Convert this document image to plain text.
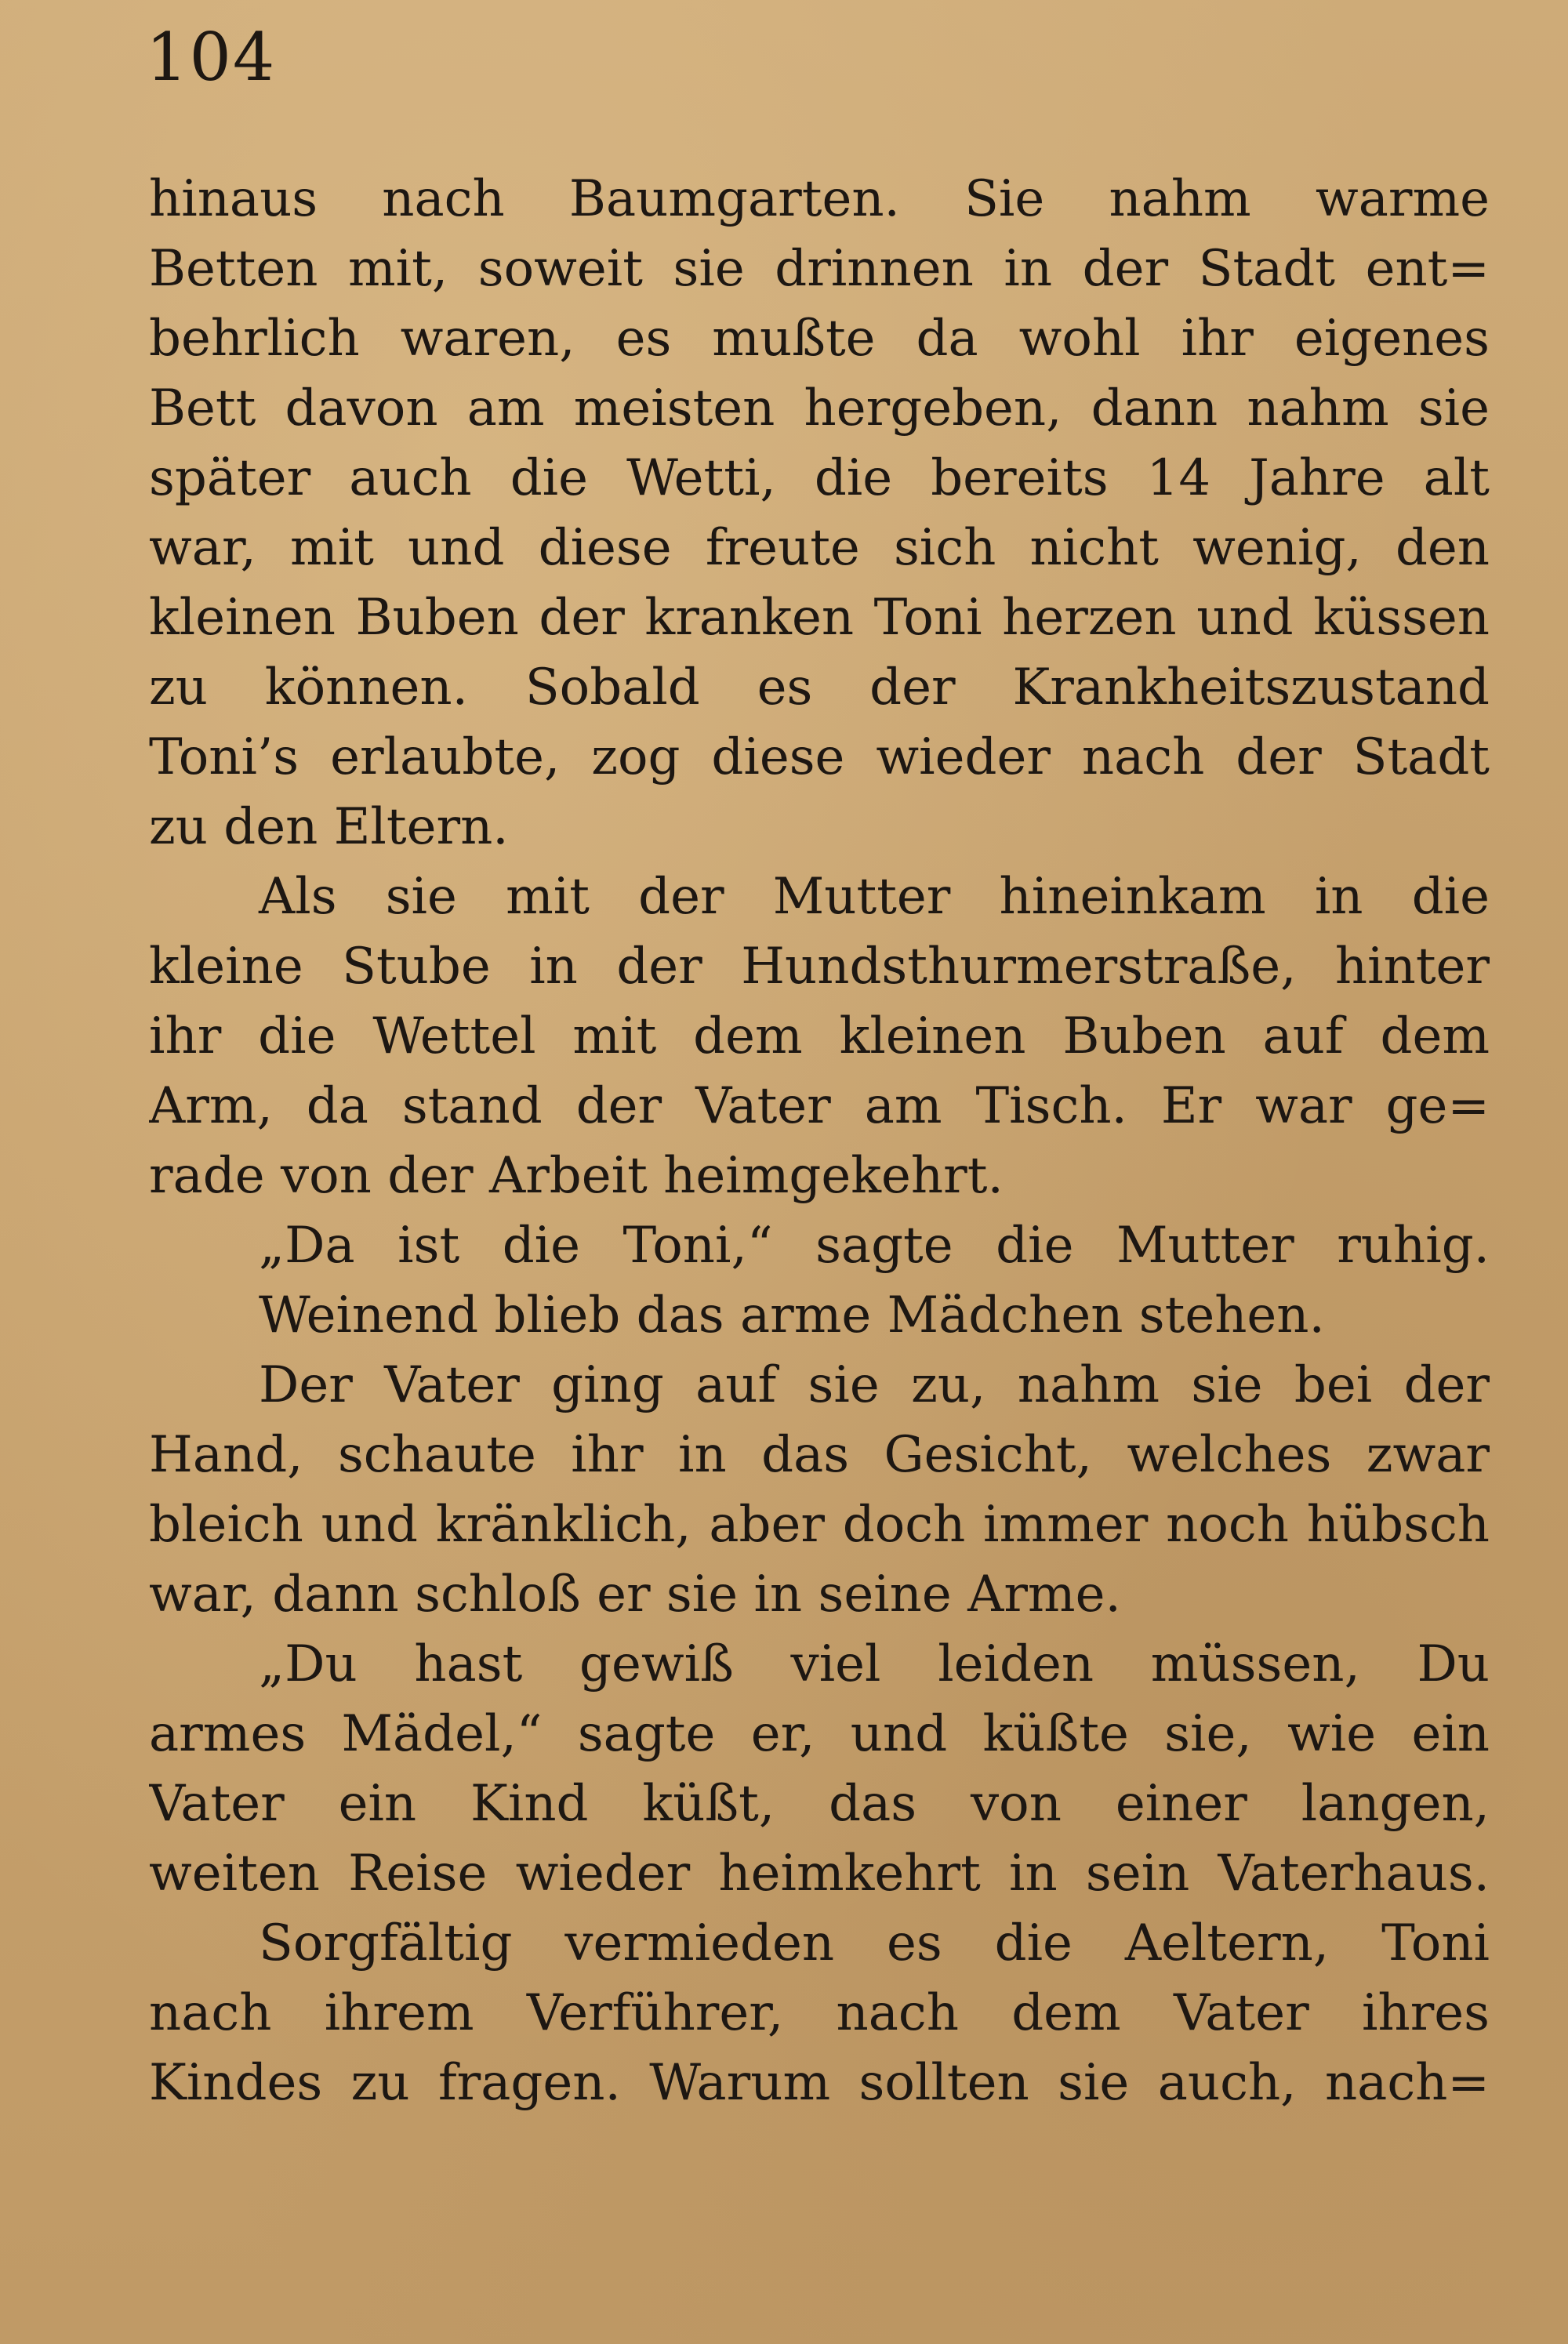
104
hinaus nach Baumgarten. Sie nahm warme
Betten mit, soweit sie drinnen in der Stadt ent=
behrlich waren, es mußte da wohl ihr eigenes
Bett davon am meisten hergeben, dann nahm sie
später auch die Wetti, die bereits 14 Jahre alt
war, mit und diese freute sich nicht wenig, den
kleinen Buben der kranken Toni herzen und küssen
zu können. Sobald es der Krankheitszustand
Toni’s erlaubte, zog diese wieder nach der Stadt
zu den Eltern.
Als sie mit der Mutter hineinkam in die
kleine Stube in der Hundsthurmerstraße, hinter
ihr die Wettel mit dem kleinen Buben auf dem
Arm, da stand der Vater am Tisch. Er war ge=
rade von der Arbeit heimgekehrt.
„Da ist die Toni,“ sagte die Mutter ruhig.
Weinend blieb das arme Mädchen stehen.
Der Vater ging auf sie zu, nahm sie bei der
Hand, schaute ihr in das Gesicht, welches zwar
bleich und kränklich, aber doch immer noch hübsch
war, dann schloß er sie in seine Arme.
„Du hast gewiß viel leiden müssen, Du
armes Mädel,“ sagte er, und küßte sie, wie ein
Vater ein Kind küßt, das von einer langen,
weiten Reise wieder heimkehrt in sein Vaterhaus.
Sorgfältig vermieden es die Aeltern, Toni
nach ihrem Verführer, nach dem Vater ihres
Kindes zu fragen. Warum sollten sie auch, nach=
